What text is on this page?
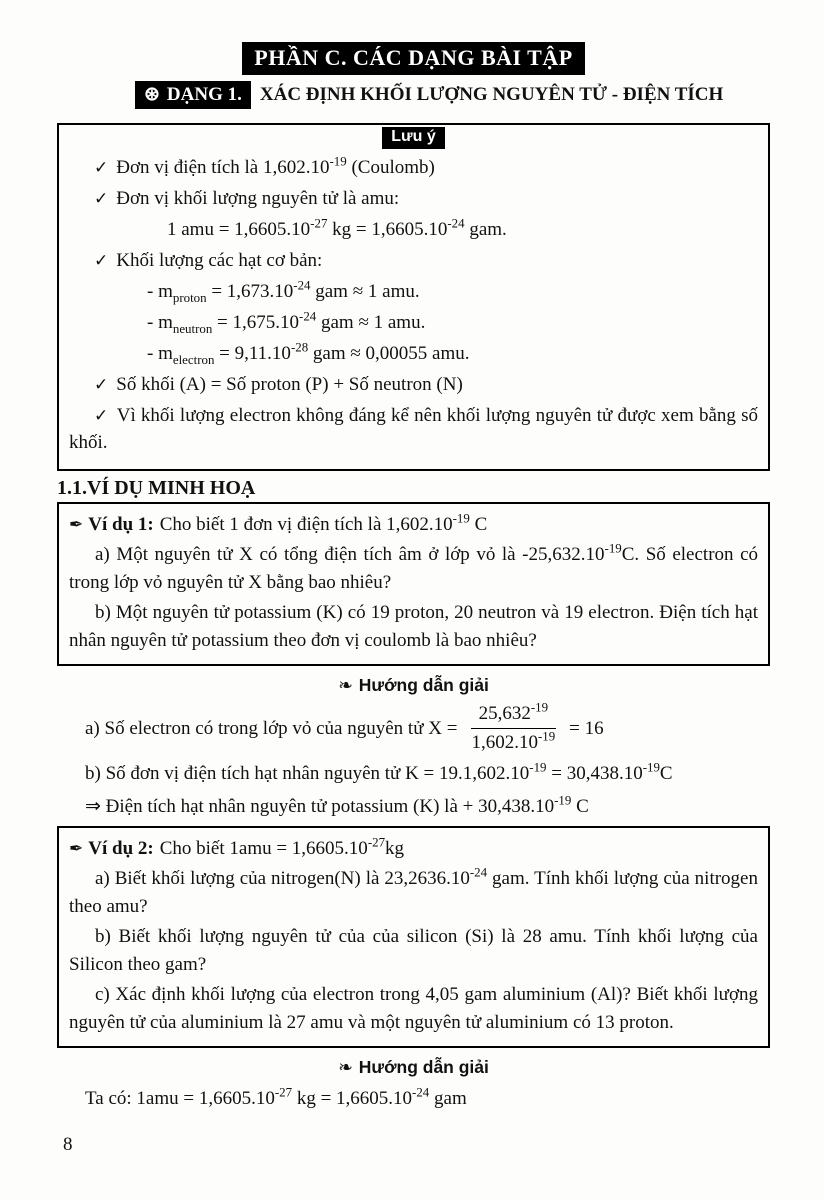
PHẦN C. CÁC DẠNG BÀI TẬP
⊛ DẠNG 1. XÁC ĐỊNH KHỐI LƯỢNG NGUYÊN TỬ - ĐIỆN TÍCH
Lưu ý

✓ Đơn vị điện tích là $1,602.10^{-19}$ (Coulomb)

✓ Đơn vị khối lượng nguyên tử là amu:

1 amu = $1,6605.10^{-27}$ kg = $1,6605.10^{-24}$ gam.

✓ Khối lượng các hạt cơ bản:

- $m_{proton} = 1,673.10^{-24}$ gam ≈ 1 amu.

- $m_{neutron} = 1,675.10^{-24}$ gam ≈ 1 amu.

- $m_{electron} = 9,11.10^{-28}$ gam ≈ 0,00055 amu.

✓ Số khối (A) = Số proton (P) + Số neutron (N)

✓ Vì khối lượng electron không đáng kể nên khối lượng nguyên tử được xem bằng số khối.

1.1.VÍ DỤ MINH HOẠ

✒ Ví dụ 1: Cho biết 1 đơn vị điện tích là $1,602.10^{-19}$ C

a) Một nguyên tử X có tổng điện tích âm ở lớp vỏ là $-25,632.10^{-19}C$. Số electron có trong lớp vỏ nguyên tử X bằng bao nhiêu?

b) Một nguyên tử potassium (K) có 19 proton, 20 neutron và 19 electron. Điện tích hạt nhân nguyên tử potassium theo đơn vị coulomb là bao nhiêu?

❧ Hướng dẫn giải
a) Số electron có trong lớp vỏ của nguyên tử $X = \frac{25,632^{-19}}{1,602.10^{-19}} = 16$

b) Số đơn vị điện tích hạt nhân nguyên tử $K = 19.1,602.10^{-19} = 30,438.10^{-19}C$

⇒ Điện tích hạt nhân nguyên tử potassium (K) là + $30,438.10^{-19}$ C

✒ Ví dụ 2: Cho biết $1amu = 1,6605.10^{-27}kg$

a) Biết khối lượng của nitrogen(N) là $23,2636.10^{-24}$ gam. Tính khối lượng của nitrogen theo amu?

b) Biết khối lượng nguyên tử của của silicon (Si) là 28 amu. Tính khối lượng của Silicon theo gam?

c) Xác định khối lượng của electron trong 4,05 gam aluminium (Al)? Biết khối lượng nguyên tử của aluminium là 27 amu và một nguyên tử aluminium có 13 proton.

❧ Hướng dẫn giải

Ta có: $1amu = 1,6605.10^{-27}$ kg = $1,6605.10^{-24}$ gam

8
